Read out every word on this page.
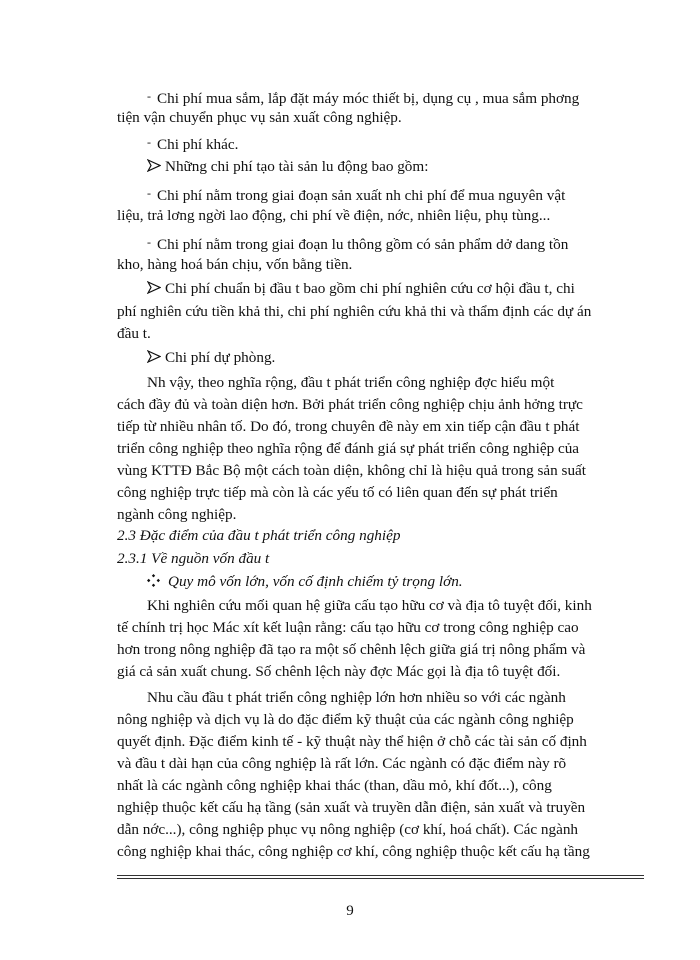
- Chi phí mua sắm, lắp đặt máy móc thiết bị, dụng cụ , mua sắm phơng
tiện vận chuyển phục vụ sản xuất công nghiệp.
- Chi phí khác.
Những chi phí tạo tài sản lu động bao gồm:
- Chi phí nằm trong giai đoạn sản xuất nh chi phí để mua nguyên vật
liệu, trả lơng ngời lao động, chi phí về điện, nớc, nhiên liệu, phụ tùng...
- Chi phí nằm trong giai đoạn lu thông gồm có sản phẩm dở dang tồn
kho, hàng hoá bán chịu, vốn bằng tiền.
Chi phí chuẩn bị đầu t bao gồm chi phí nghiên cứu cơ hội đầu t, chi
phí nghiên cứu tiền khả thi, chi phí nghiên cứu khả thi và thẩm định các dự án
đầu t.
Chi phí dự phòng.
Nh vậy, theo nghĩa rộng, đầu t phát triển công nghiệp đợc hiểu một
cách đầy đủ và toàn diện hơn. Bởi phát triển công nghiệp chịu ảnh hởng trực
tiếp từ nhiều nhân tố. Do đó, trong chuyên đề này em xin tiếp cận đầu t phát
triển công nghiệp theo nghĩa rộng để đánh giá sự phát triển công nghiệp của
vùng KTTĐ Bắc Bộ một cách toàn diện, không chỉ là hiệu quả trong sản suất
công nghiệp trực tiếp mà còn là các yếu tố có liên quan đến sự phát triển
ngành công nghiệp.
2.3 Đặc điểm của đầu t phát triển công nghiệp
2.3.1 Về nguồn vốn đầu t
Quy mô vốn lớn, vốn cố định chiếm tỷ trọng lớn.
Khi nghiên cứu mối quan hệ giữa cấu tạo hữu cơ và địa tô tuyệt đối, kinh
tế chính trị học Mác xít kết luận rằng: cấu tạo hữu cơ trong công nghiệp cao
hơn trong nông nghiệp đã tạo ra một số chênh lệch giữa giá trị nông phẩm và
giá cả sản xuất chung. Số chênh lệch này đợc Mác gọi là địa tô tuyệt đối.
Nhu cầu đầu t phát triển công nghiệp lớn hơn nhiều so với các ngành
nông nghiệp và dịch vụ là do đặc điểm kỹ thuật của các ngành công nghiệp
quyết định. Đặc điểm kinh tế - kỹ thuật này thể hiện ở chỗ các tài sản cố định
và đầu t dài hạn của công nghiệp là rất lớn. Các ngành có đặc điểm này rõ
nhất là các ngành công nghiệp khai thác (than, dầu mỏ, khí đốt...), công
nghiệp thuộc kết cấu hạ tầng (sản xuất và truyền dẫn điện, sản xuất và truyền
dẫn nớc...), công nghiệp phục vụ nông nghiệp (cơ khí, hoá chất). Các ngành
công nghiệp khai thác, công nghiệp cơ khí, công nghiệp thuộc kết cấu hạ tầng
9
